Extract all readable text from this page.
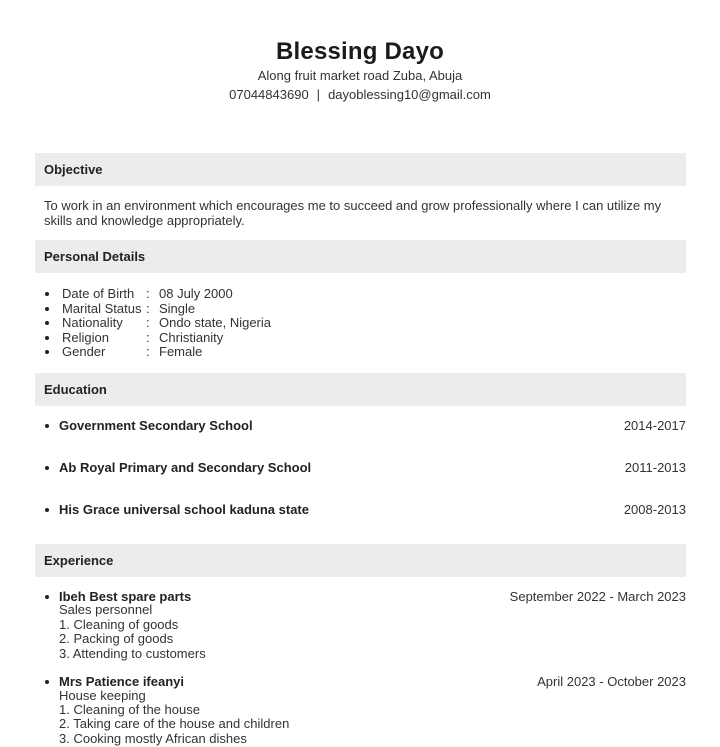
Blessing Dayo
Along fruit market road Zuba, Abuja
07044843690 | dayoblessing10@gmail.com
Objective
To work in an environment which encourages me to succeed and grow professionally where I can utilize my skills and knowledge appropriately.
Personal Details
Date of Birth : 08 July 2000
Marital Status : Single
Nationality : Ondo state, Nigeria
Religion	: Christianity
Gender	: Female
Education
Government Secondary School	2014-2017
Ab Royal Primary and Secondary School	2011-2013
His Grace universal school kaduna state	2008-2013
Experience
Ibeh Best spare parts	September 2022 - March 2023
Sales personnel
1. Cleaning of goods
2. Packing of goods
3. Attending to customers
Mrs Patience ifeanyi	April 2023 - October 2023
House keeping
1. Cleaning of the house
2. Taking care of the house and children
3. Cooking mostly African dishes
